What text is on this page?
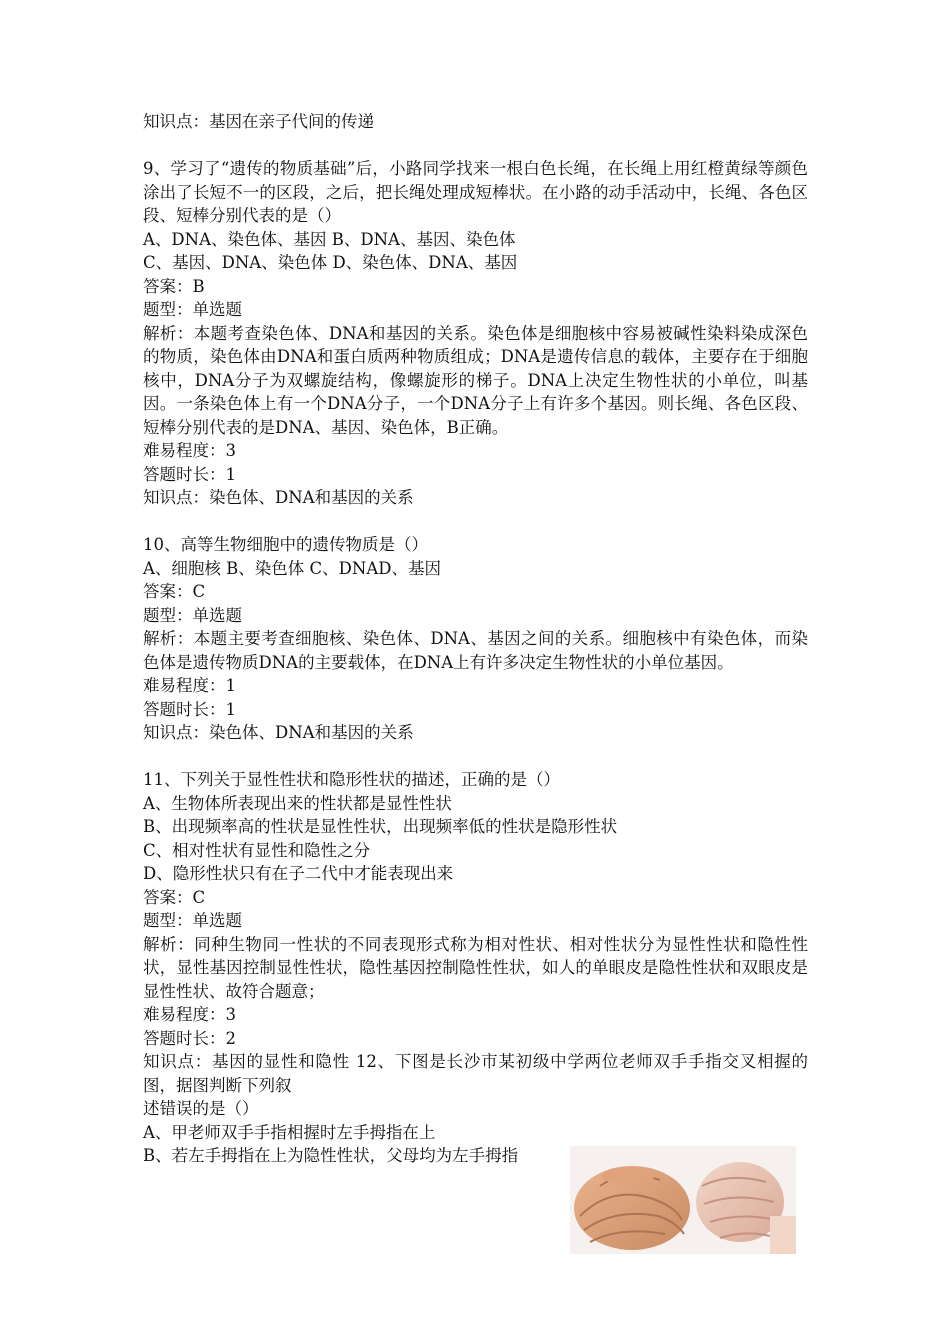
知识点：基因在亲子代间的传递
9、学习了“遗传的物质基础”后，小路同学找来一根白色长绳，在长绳上用红橙黄绿等颜色涂出了长短不一的区段，之后，把长绳处理成短棒状。在小路的动手活动中，长绳、各色区段、短棒分别代表的是（）
A、DNA、染色体、基因 B、DNA、基因、染色体
C、基因、DNA、染色体 D、染色体、DNA、基因
答案：B
题型：单选题
解析：本题考查染色体、DNA和基因的关系。染色体是细胞核中容易被碱性染料染成深色的物质，染色体由DNA和蛋白质两种物质组成；DNA是遗传信息的载体，主要存在于细胞核中，DNA分子为双螺旋结构，像螺旋形的梯子。DNA上决定生物性状的小单位，叫基因。一条染色体上有一个DNA分子，一个DNA分子上有许多个基因。则长绳、各色区段、短棒分别代表的是DNA、基因、染色体，B正确。
难易程度：3
答题时长：1
知识点：染色体、DNA和基因的关系
10、高等生物细胞中的遗传物质是（）
A、细胞核 B、染色体 C、DNAD、基因
答案：C
题型：单选题
解析：本题主要考查细胞核、染色体、DNA、基因之间的关系。细胞核中有染色体，而染色体是遗传物质DNA的主要载体，在DNA上有许多决定生物性状的小单位基因。
难易程度：1
答题时长：1
知识点：染色体、DNA和基因的关系
11、下列关于显性性状和隐形性状的描述，正确的是（）
A、生物体所表现出来的性状都是显性性状
B、出现频率高的性状是显性性状，出现频率低的性状是隐形性状
C、相对性状有显性和隐性之分
D、隐形性状只有在子二代中才能表现出来
答案：C
题型：单选题
解析：同种生物同一性状的不同表现形式称为相对性状、相对性状分为显性性状和隐性性状，显性基因控制显性性状，隐性基因控制隐性性状，如人的单眼皮是隐性性状和双眼皮是显性性状、故符合题意；
难易程度：3
答题时长：2
知识点：基因的显性和隐性 12、下图是长沙市某初级中学两位老师双手手指交叉相握的图，据图判断下列叙
述错误的是（）
A、甲老师双手手指相握时左手拇指在上
B、若左手拇指在上为隐性性状，父母均为左手拇指
